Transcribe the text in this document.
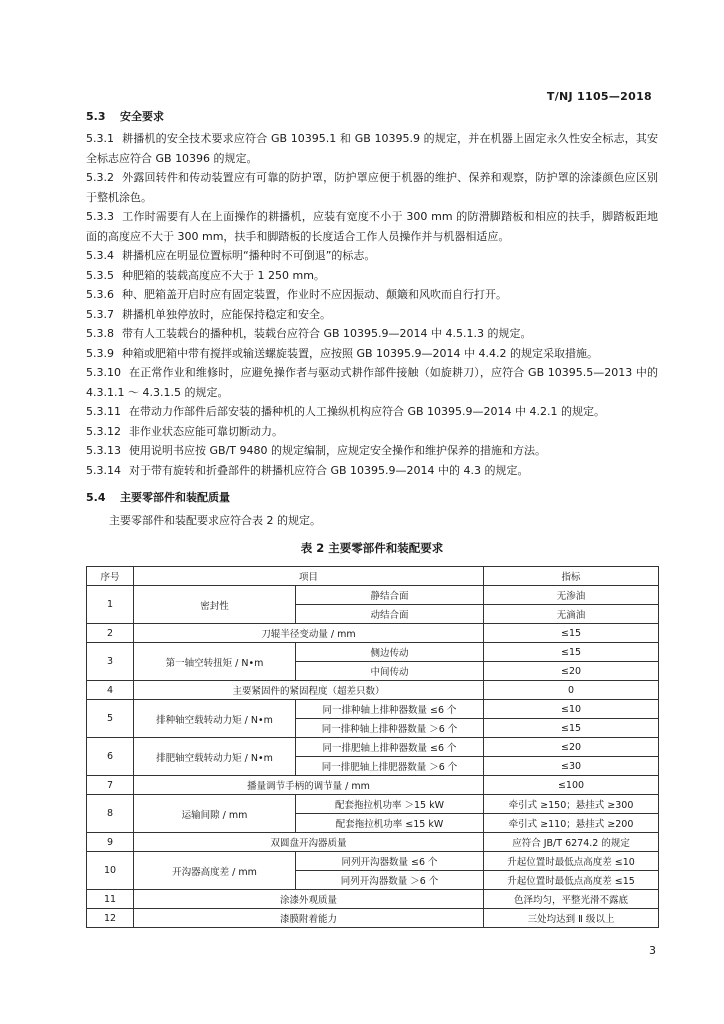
T/NJ 1105—2018
5.3 安全要求
5.3.1 耕播机的安全技术要求应符合 GB 10395.1 和 GB 10395.9 的规定，并在机器上固定永久性安全标志，其安全标志应符合 GB 10396 的规定。
5.3.2 外露回转件和传动装置应有可靠的防护罩，防护罩应便于机器的维护、保养和观察，防护罩的涂漆颜色应区别于整机涂色。
5.3.3 工作时需要有人在上面操作的耕播机，应装有宽度不小于 300 mm 的防滑脚踏板和相应的扶手，脚踏板距地面的高度应不大于 300 mm，扶手和脚踏板的长度适合工作人员操作并与机器相适应。
5.3.4 耕播机应在明显位置标明“播种时不可倒退”的标志。
5.3.5 种肥箱的装载高度应不大于 1 250 mm。
5.3.6 种、肥箱盖开启时应有固定装置，作业时不应因振动、颠簸和风吹而自行打开。
5.3.7 耕播机单独停放时，应能保持稳定和安全。
5.3.8 带有人工装载台的播种机，装载台应符合 GB 10395.9—2014 中 4.5.1.3 的规定。
5.3.9 种箱或肥箱中带有搅拌或输送螺旋装置，应按照 GB 10395.9—2014 中 4.4.2 的规定采取措施。
5.3.10 在正常作业和维修时，应避免操作者与驱动式耕作部件接触（如旋耕刀），应符合 GB 10395.5—2013 中的 4.3.1.1 ～ 4.3.1.5 的规定。
5.3.11 在带动力作部件后部安装的播种机的人工操纵机构应符合 GB 10395.9—2014 中 4.2.1 的规定。
5.3.12 非作业状态应能可靠切断动力。
5.3.13 使用说明书应按 GB/T 9480 的规定编制，应规定安全操作和维护保养的措施和方法。
5.3.14 对于带有旋转和折叠部件的耕播机应符合 GB 10395.9—2014 中的 4.3 的规定。
5.4 主要零部件和装配质量
主要零部件和装配要求应符合表 2 的规定。
表 2 主要零部件和装配要求
序号	项目		指标
1	密封性	静结合面	无渗油
		动结合面	无滴油
2	刀辊半径变动量 / mm		≤15
3	第一轴空转扭矩 / N•m	侧边传动	≤15
		中间传动	≤20
4	主要紧固件的紧固程度（超差只数）		0
5	排种轴空载转动力矩 / N•m	同一排种轴上排种器数量 ≤6 个	≤10
		同一排种轴上排种器数量 ＞6 个	≤15
6	排肥轴空载转动力矩 / N•m	同一排肥轴上排种器数量 ≤6 个	≤20
		同一排肥轴上排肥器数量 ＞6 个	≤30
7	播量调节手柄的调节量 / mm		≤100
8	运输间隙 / mm	配套拖拉机功率 ＞15 kW	牵引式 ≥150；悬挂式 ≥300
		配套拖拉机功率 ≤15 kW	牵引式 ≥110；悬挂式 ≥200
9	双圆盘开沟器质量		应符合 JB/T 6274.2 的规定
10	开沟器高度差 / mm	同列开沟器数量 ≤6 个	升起位置时最低点高度差 ≤10
		同列开沟器数量 ＞6 个	升起位置时最低点高度差 ≤15
11	涂漆外观质量		色泽均匀，平整光滑不露底
12	漆膜附着能力		三处均达到 Ⅱ 级以上
3
